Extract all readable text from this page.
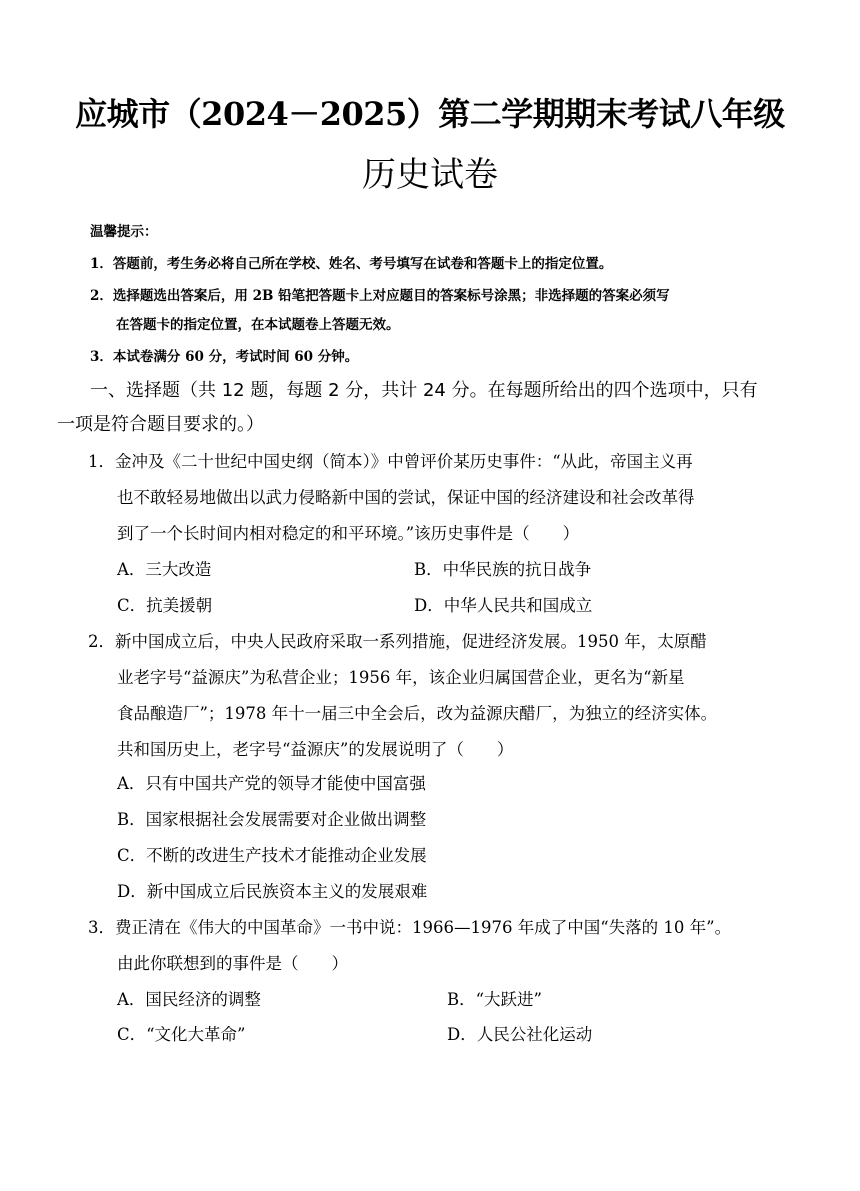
应城市（2024－2025）第二学期期末考试八年级
历史试卷
温馨提示：
1．答题前，考生务必将自己所在学校、姓名、考号填写在试卷和答题卡上的指定位置。
2．选择题选出答案后，用 2B 铅笔把答题卡上对应题目的答案标号涂黑；非选择题的答案必须写
在答题卡的指定位置，在本试题卷上答题无效。
3．本试卷满分 60 分，考试时间 60 分钟。
一、选择题（共 12 题，每题 2 分，共计 24 分。在每题所给出的四个选项中，只有
一项是符合题目要求的。）
1．金冲及《二十世纪中国史纲（简本）》中曾评价某历史事件：“从此，帝国主义再
也不敢轻易地做出以武力侵略新中国的尝试，保证中国的经济建设和社会改革得
到了一个长时间内相对稳定的和平环境。”该历史事件是（　　）
A．三大改造	B．中华民族的抗日战争
C．抗美援朝	D．中华人民共和国成立
2．新中国成立后，中央人民政府采取一系列措施，促进经济发展。1950 年，太原醋
业老字号“益源庆”为私营企业；1956 年，该企业归属国营企业，更名为“新星
食品酿造厂”；1978 年十一届三中全会后，改为益源庆醋厂，为独立的经济实体。
共和国历史上，老字号“益源庆”的发展说明了（　　）
A．只有中国共产党的领导才能使中国富强
B．国家根据社会发展需要对企业做出调整
C．不断的改进生产技术才能推动企业发展
D．新中国成立后民族资本主义的发展艰难
3．费正清在《伟大的中国革命》一书中说：1966—1976 年成了中国“失落的 10 年”。
由此你联想到的事件是（　　）
A．国民经济的调整	B．“大跃进”
C．“文化大革命”	D．人民公社化运动
